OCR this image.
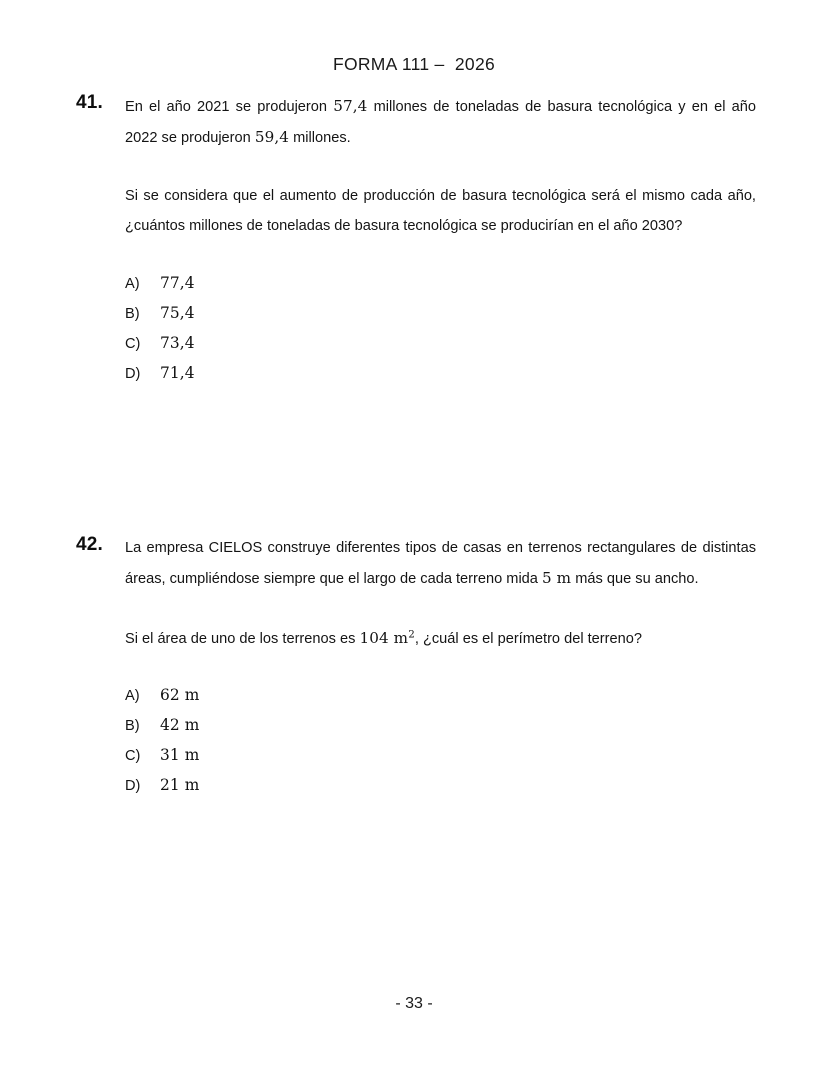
FORMA 111 –  2026
41.	En el año 2021 se produjeron 57,4 millones de toneladas de basura tecnológica y en el año 2022 se produjeron 59,4 millones.

Si se considera que el aumento de producción de basura tecnológica será el mismo cada año, ¿cuántos millones de toneladas de basura tecnológica se producirían en el año 2030?

A)	77,4
B)	75,4
C)	73,4
D)	71,4
42.	La empresa CIELOS construye diferentes tipos de casas en terrenos rectangulares de distintas áreas, cumpliéndose siempre que el largo de cada terreno mida 5 m más que su ancho.

Si el área de uno de los terrenos es 104 $m^2$, ¿cuál es el perímetro del terreno?

A)	62 m
B)	42 m
C)	31 m
D)	21 m
- 33 -
